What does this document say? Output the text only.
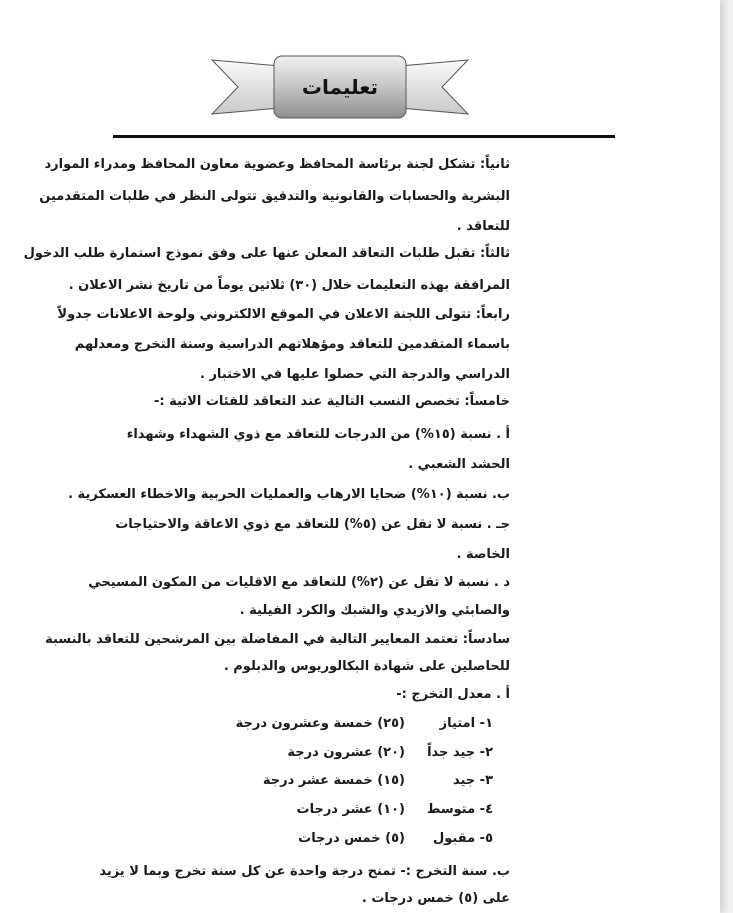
تعليمات
ثانياً: تشكل لجنة برئاسة المحافظ وعضوية معاون المحافظ ومدراء الموارد
البشرية والحسابات والقانونية والتدقيق تتولى النظر في طلبات المتقدمين
للتعاقد .
ثالثاً: تقبل طلبات التعاقد المعلن عنها على وفق نموذج استمارة طلب الدخول
المرافقة بهذه التعليمات خلال (٣٠) ثلاثين يوماً من تاريخ نشر الاعلان .
رابعاً: تتولى اللجنة الاعلان في الموقع الالكتروني ولوحة الاعلانات جدولاً
باسماء المتقدمين للتعاقد ومؤهلاتهم الدراسية وسنة التخرج ومعدلهم
الدراسي والدرجة التي حصلوا عليها في الاختبار .
خامساً: تخصص النسب التالية عند التعاقد للفئات الاتية :-
أ . نسبة (١٥%) من الدرجات للتعاقد مع ذوي الشهداء وشهداء
الحشد الشعبي .
ب. نسبة (١٠%) ضحايا الارهاب والعمليات الحربية والاخطاء العسكرية .
جـ . نسبة لا تقل عن (٥%) للتعاقد مع ذوي الاعاقة والاحتياجات
الخاصة .
د . نسبة لا تقل عن (٢%) للتعاقد مع الاقليات من المكون المسيحي
والصابئي والازيدي والشبك والكرد الفيلية .
سادساً: تعتمد المعايير التالية في المفاضلة بين المرشحين للتعاقد بالنسبة
للحاصلين على شهادة البكالوريوس والدبلوم .
أ . معدل التخرج :-
١- امتياز
(٢٥) خمسة وعشرون درجة
٢- جيد جداً
(٢٠) عشرون درجة
٣- جيد
(١٥) خمسة عشر درجة
٤- متوسط
(١٠) عشر درجات
٥- مقبول
(٥) خمس درجات
ب. سنة التخرج :- تمنح درجة واحدة عن كل سنة تخرج وبما لا يزيد
على (٥) خمس درجات .
